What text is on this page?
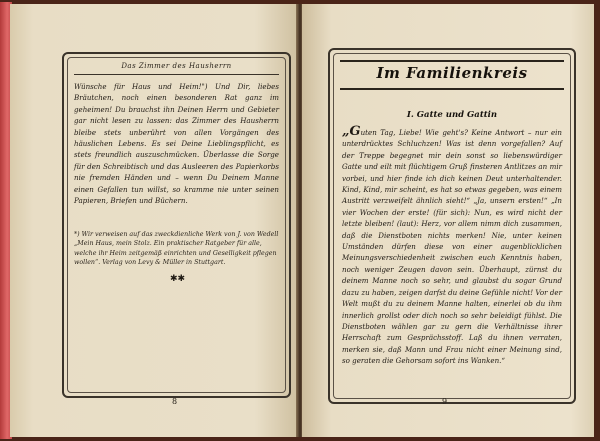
Das Zimmer des Hausherrn
Wünsche für Haus und Heim!") Und Dir, liebes Bräutchen, noch einen besonderen Rat ganz im geheimen! Du brauchst ihn Deinen Herrn und Gebieter gar nicht lesen zu lassen: das Zimmer des Hausherrn bleibe stets unberührt von allen Vorgängen des häuslichen Lebens. Es sei Deine Lieblingspflicht, es stets freundlich auszuschmücken. Überlasse die Sorge für den Schreibtisch und das Ausleeren des Papierkorbs nie fremden Händen und – wenn Du Deinem Manne einen Gefallen tun willst, so kramme nie unter seinen Papieren, Briefen und Büchern.
*) Wir verweisen auf das zweckdienliche Werk von J. von Wedell „Mein Haus, mein Stolz. Ein praktischer Ratgeber für alle, welche ihr Heim zeitgemäß einrichten und Geselligkeit pflegen wollen“. Verlag von Levy & Müller in Stuttgart.
✱✱
8
Im Familienkreis
I. Gatte und Gattin
„Guten Tag, Liebe! Wie geht's? Keine Antwort – nur ein unterdrücktes Schluchzen! Was ist denn vorgefallen? Auf der Treppe begegnet mir dein sonst so liebenswürdiger Gatte und eilt mit flüchtigem Gruß finsteren Antlitzes an mir vorbei, und hier finde ich dich keinen Deut unterhaltender. Kind, Kind, mir scheint, es hat so etwas gegeben, was einem Austritt verzweifelt ähnlich sieht!“ „Ja, unsern ersten!“ „In vier Wochen der erste! (für sich): Nun, es wird nicht der letzte bleiben! (laut): Herz, vor allem nimm dich zusammen, daß die Dienstboten nichts merken! Nie, unter keinen Umständen dürfen diese von einer augenblicklichen Meinungsverschiedenheit zwischen euch Kenntnis haben, noch weniger Zeugen davon sein. Überhaupt, zürnst du deinem Manne noch so sehr, und glaubst du sogar Grund dazu zu haben, zeigen darfst du deine Gefühle nicht! Vor der Welt mußt du zu deinem Manne halten, einerlei ob du ihm innerlich grollst oder dich noch so sehr beleidigt fühlst. Die Dienstboten wählen gar zu gern die Verhältnisse ihrer Herrschaft zum Gesprächsstoff. Laß du ihnen verraten, merken sie, daß Mann und Frau nicht einer Meinung sind, so geraten die Gehorsam sofort ins Wanken.“
9
